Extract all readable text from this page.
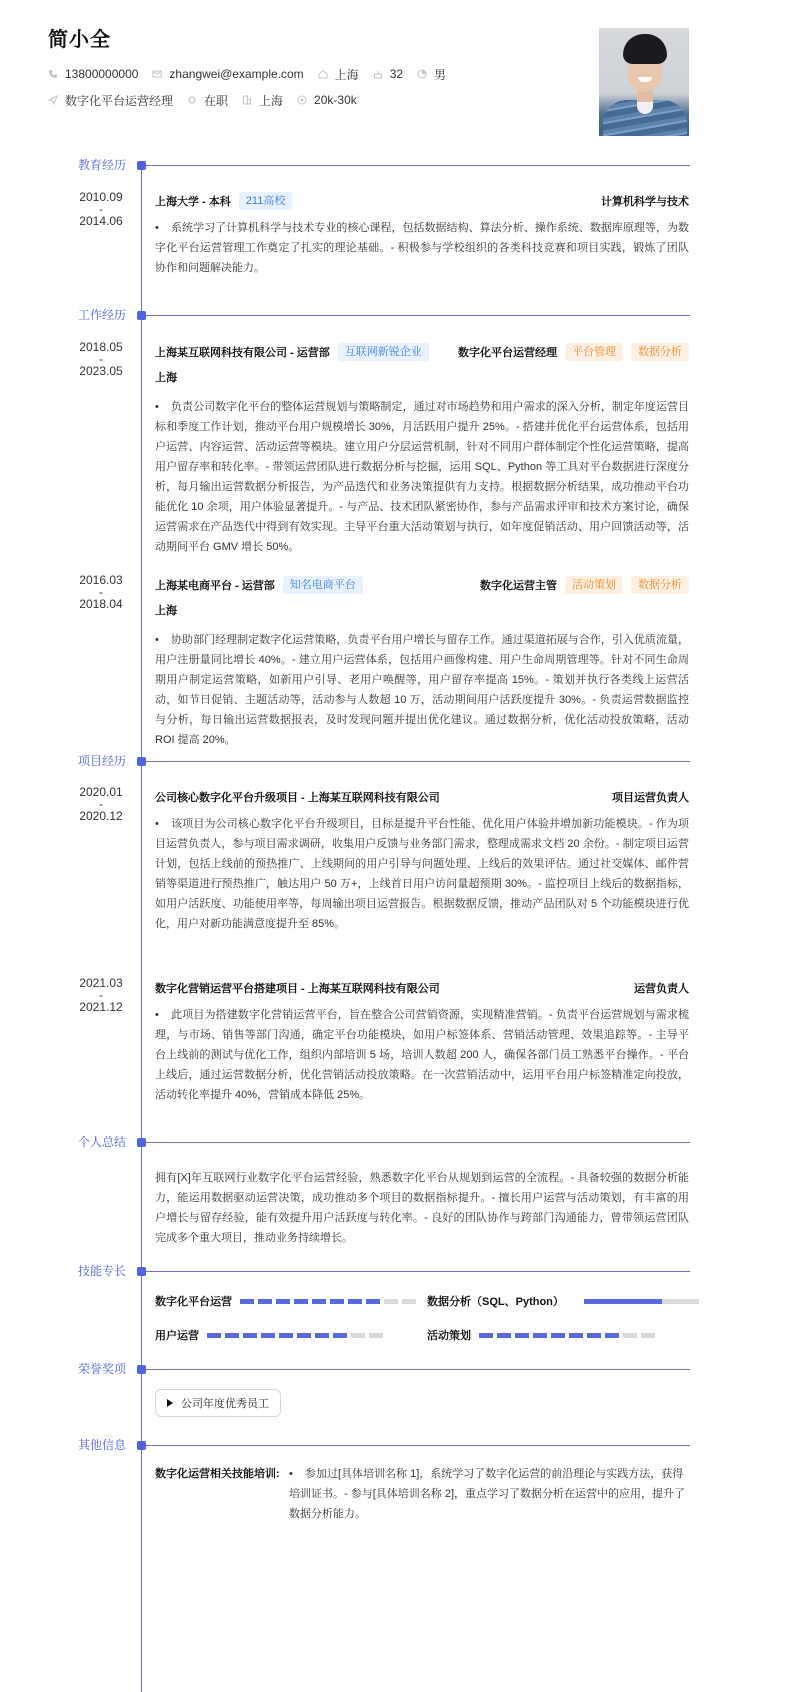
简小全
13800000000	zhangwei@example.com	上海	32	男
数字化平台运营经理	在职	上海	20k-30k
教育经历
2010.09
-
2014.06
上海大学 - 本科	211高校	计算机科学与技术
• 系统学习了计算机科学与技术专业的核心课程，包括数据结构、算法分析、操作系统、数据库原理等，为数字化平台运营管理工作奠定了扎实的理论基础。- 积极参与学校组织的各类科技竞赛和项目实践，锻炼了团队协作和问题解决能力。
工作经历
2018.05
-
2023.05
上海某互联网科技有限公司 - 运营部	互联网新锐企业	数字化平台运营经理	平台管理	数据分析
上海
• 负责公司数字化平台的整体运营规划与策略制定，通过对市场趋势和用户需求的深入分析，制定年度运营目标和季度工作计划，推动平台用户规模增长 30%，月活跃用户提升 25%。- 搭建并优化平台运营体系，包括用户运营、内容运营、活动运营等模块。建立用户分层运营机制，针对不同用户群体制定个性化运营策略，提高用户留存率和转化率。- 带领运营团队进行数据分析与挖掘，运用 SQL、Python 等工具对平台数据进行深度分析，每月输出运营数据分析报告，为产品迭代和业务决策提供有力支持。根据数据分析结果，成功推动平台功能优化 10 余项，用户体验显著提升。- 与产品、技术团队紧密协作，参与产品需求评审和技术方案讨论，确保运营需求在产品迭代中得到有效实现。主导平台重大活动策划与执行，如年度促销活动、用户回馈活动等，活动期间平台 GMV 增长 50%。
2016.03
-
2018.04
上海某电商平台 - 运营部	知名电商平台	数字化运营主管	活动策划	数据分析
上海
• 协助部门经理制定数字化运营策略，负责平台用户增长与留存工作。通过渠道拓展与合作，引入优质流量，用户注册量同比增长 40%。- 建立用户运营体系，包括用户画像构建、用户生命周期管理等。针对不同生命周期用户制定运营策略，如新用户引导、老用户唤醒等，用户留存率提高 15%。- 策划并执行各类线上运营活动，如节日促销、主题活动等，活动参与人数超 10 万，活动期间用户活跃度提升 30%。- 负责运营数据监控与分析，每日输出运营数据报表，及时发现问题并提出优化建议。通过数据分析，优化活动投放策略，活动 ROI 提高 20%。
项目经历
2020.01
-
2020.12
公司核心数字化平台升级项目 - 上海某互联网科技有限公司	项目运营负责人
• 该项目为公司核心数字化平台升级项目，目标是提升平台性能、优化用户体验并增加新功能模块。- 作为项目运营负责人，参与项目需求调研，收集用户反馈与业务部门需求，整理成需求文档 20 余份。- 制定项目运营计划，包括上线前的预热推广、上线期间的用户引导与问题处理、上线后的效果评估。通过社交媒体、邮件营销等渠道进行预热推广，触达用户 50 万+，上线首日用户访问量超预期 30%。- 监控项目上线后的数据指标，如用户活跃度、功能使用率等，每周输出项目运营报告。根据数据反馈，推动产品团队对 5 个功能模块进行优化，用户对新功能满意度提升至 85%。
2021.03
-
2021.12
数字化营销运营平台搭建项目 - 上海某互联网科技有限公司	运营负责人
• 此项目为搭建数字化营销运营平台，旨在整合公司营销资源，实现精准营销。- 负责平台运营规划与需求梳理，与市场、销售等部门沟通，确定平台功能模块，如用户标签体系、营销活动管理、效果追踪等。- 主导平台上线前的测试与优化工作，组织内部培训 5 场，培训人数超 200 人，确保各部门员工熟悉平台操作。- 平台上线后，通过运营数据分析，优化营销活动投放策略。在一次营销活动中，运用平台用户标签精准定向投放，活动转化率提升 40%，营销成本降低 25%。
个人总结
拥有[X]年互联网行业数字化平台运营经验，熟悉数字化平台从规划到运营的全流程。- 具备较强的数据分析能力，能运用数据驱动运营决策，成功推动多个项目的数据指标提升。- 擅长用户运营与活动策划，有丰富的用户增长与留存经验，能有效提升用户活跃度与转化率。- 良好的团队协作与跨部门沟通能力，曾带领运营团队完成多个重大项目，推动业务持续增长。
技能专长
数字化平台运营	数据分析（SQL、Python）
用户运营	活动策划
荣誉奖项
公司年度优秀员工
其他信息
数字化运营相关技能培训: • 参加过[具体培训名称 1]，系统学习了数字化运营的前沿理论与实践方法，获得培训证书。- 参与[具体培训名称 2]，重点学习了数据分析在运营中的应用，提升了数据分析能力。
